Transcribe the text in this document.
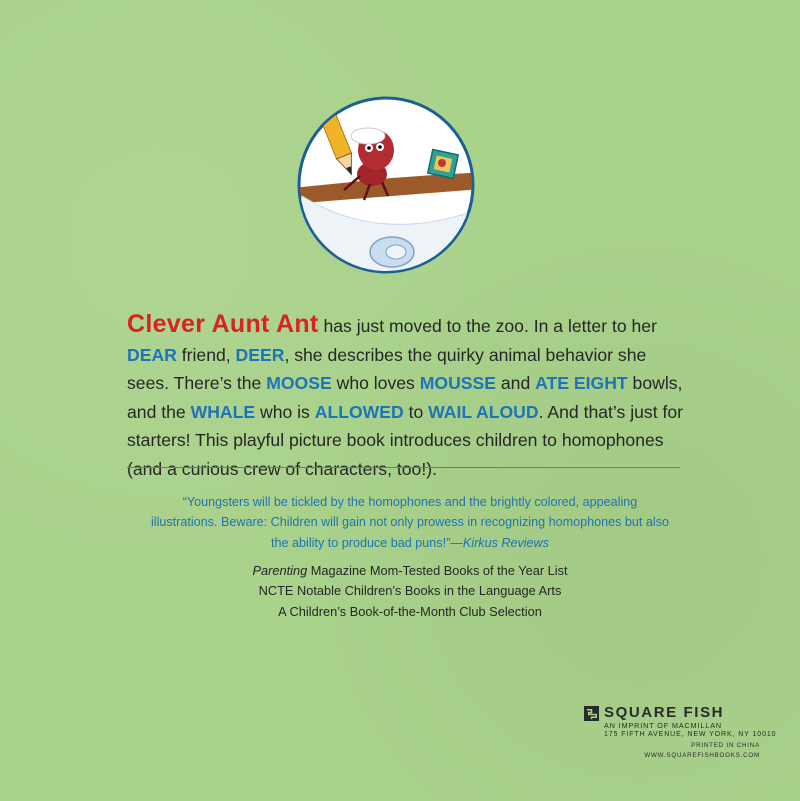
Clever Aunt Ant has just moved to the zoo. In a letter to her DEAR friend, DEER, she describes the quirky animal behavior she sees. There’s the MOOSE who loves MOUSSE and ATE EIGHT bowls, and the WHALE who is ALLOWED to WAIL ALOUD. And that’s just for starters! This playful picture book introduces children to homophones (and a curious crew of characters, too!).
“Youngsters will be tickled by the homophones and the brightly colored, appealing illustrations. Beware: Children will gain not only prowess in recognizing homophones but also the ability to produce bad puns!”—Kirkus Reviews
Parenting Magazine Mom-Tested Books of the Year List
NCTE Notable Children’s Books in the Language Arts
A Children’s Book-of-the-Month Club Selection
SQUARE FISH
AN IMPRINT OF MACMILLAN
175 FIFTH AVENUE, NEW YORK, NY 10010
PRINTED IN CHINA
WWW.SQUAREFISHBOOKS.COM
